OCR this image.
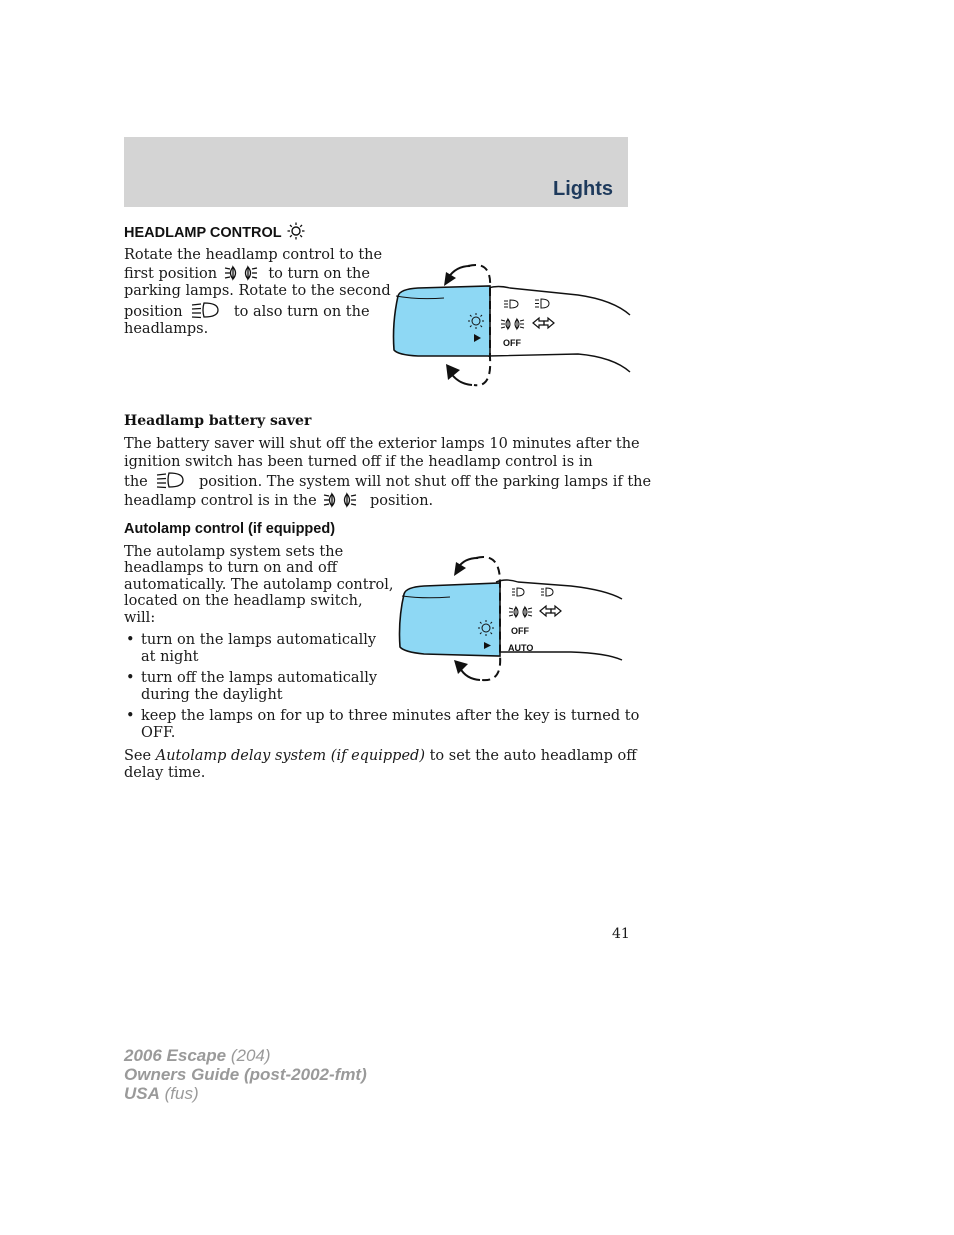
Lights
HEADLAMP CONTROL
Rotate the headlamp control to the
first position	to turn on the
parking lamps. Rotate to the second
position	to also turn on the
headlamps.
OFF
Headlamp battery saver
The battery saver will shut off the exterior lamps 10 minutes after the
ignition switch has been turned off if the headlamp control is in
the	position. The system will not shut off the parking lamps if the
headlamp control is in the	position.
Autolamp control (if equipped)
The autolamp system sets the
headlamps to turn on and off
automatically. The autolamp control,
located on the headlamp switch,
will:
• turn on the lamps automatically
at night
• turn off the lamps automatically
during the daylight
• keep the lamps on for up to three minutes after the key is turned to
OFF.
See Autolamp delay system (if equipped) to set the auto headlamp off
delay time.
OFF
AUTO
41
2006 Escape (204)
Owners Guide (post-2002-fmt)
USA (fus)
